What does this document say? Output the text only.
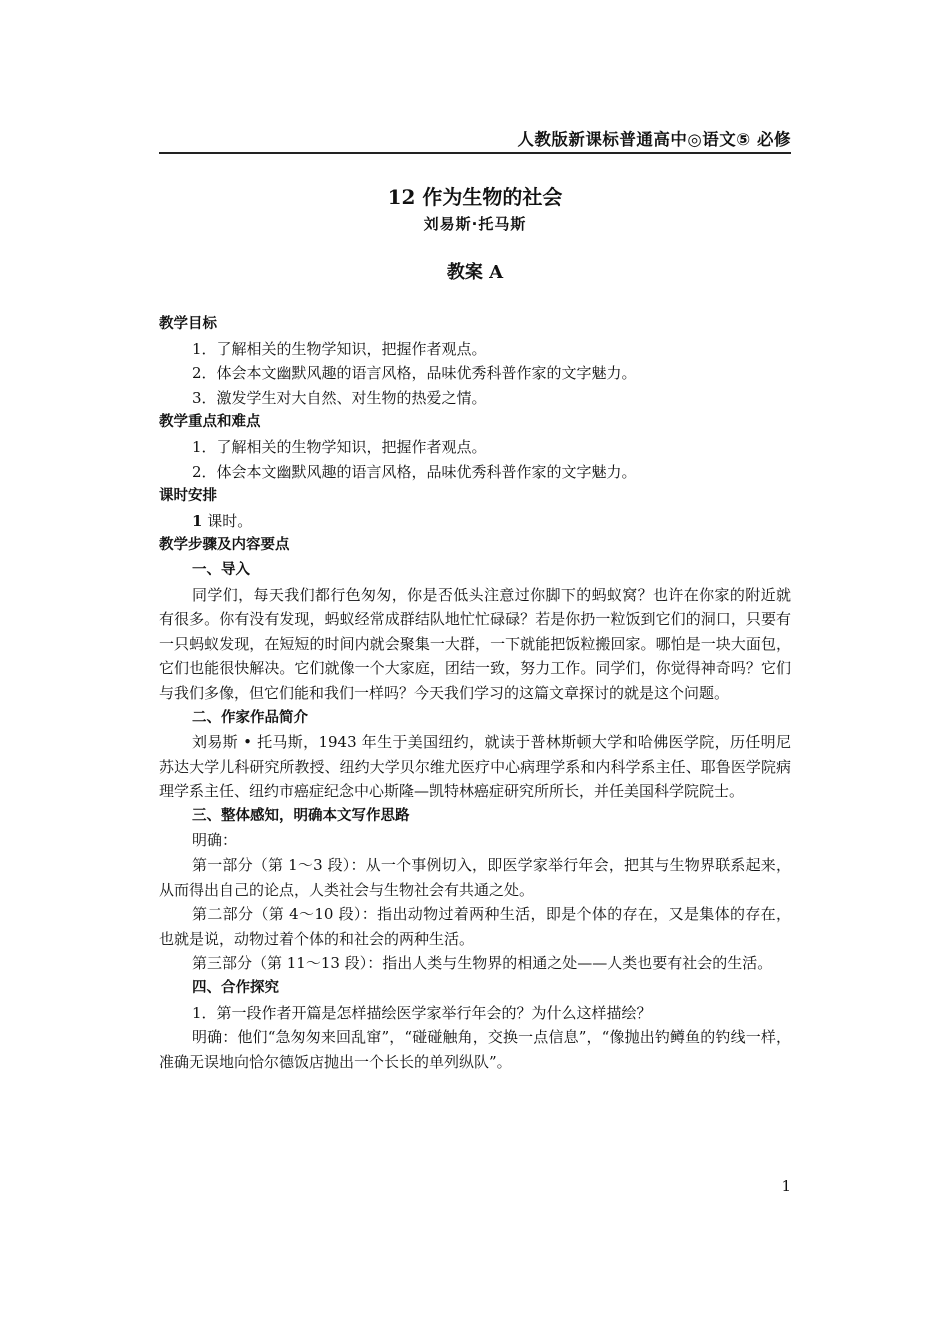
人教版新课标普通高中◎语文⑤ 必修
12 作为生物的社会
刘易斯·托马斯
教案 A
教学目标
1．了解相关的生物学知识，把握作者观点。
2．体会本文幽默风趣的语言风格，品味优秀科普作家的文字魅力。
3．激发学生对大自然、对生物的热爱之情。
教学重点和难点
1．了解相关的生物学知识，把握作者观点。
2．体会本文幽默风趣的语言风格，品味优秀科普作家的文字魅力。
课时安排
1 课时。
教学步骤及内容要点
一、导入
同学们，每天我们都行色匆匆，你是否低头注意过你脚下的蚂蚁窝？也许在你家的附近就有很多。你有没有发现，蚂蚁经常成群结队地忙忙碌碌？若是你扔一粒饭到它们的洞口，只要有一只蚂蚁发现，在短短的时间内就会聚集一大群，一下就能把饭粒搬回家。哪怕是一块大面包，它们也能很快解决。它们就像一个大家庭，团结一致，努力工作。同学们，你觉得神奇吗？它们与我们多像，但它们能和我们一样吗？今天我们学习的这篇文章探讨的就是这个问题。
二、作家作品简介
刘易斯 • 托马斯，1943 年生于美国纽约，就读于普林斯顿大学和哈佛医学院，历任明尼苏达大学儿科研究所教授、纽约大学贝尔维尤医疗中心病理学系和内科学系主任、耶鲁医学院病理学系主任、纽约市癌症纪念中心斯隆—凯特林癌症研究所所长，并任美国科学院院士。
三、整体感知，明确本文写作思路
明确：
第一部分（第 1～3 段）：从一个事例切入，即医学家举行年会，把其与生物界联系起来，从而得出自己的论点，人类社会与生物社会有共通之处。
第二部分（第 4～10 段）：指出动物过着两种生活，即是个体的存在，又是集体的存在，也就是说，动物过着个体的和社会的两种生活。
第三部分（第 11～13 段）：指出人类与生物界的相通之处——人类也要有社会的生活。
四、合作探究
1．第一段作者开篇是怎样描绘医学家举行年会的？为什么这样描绘？
明确：他们“急匆匆来回乱窜”，“碰碰触角，交换一点信息”，“像抛出钓鳟鱼的钓线一样，准确无误地向恰尔德饭店抛出一个长长的单列纵队”。
1
